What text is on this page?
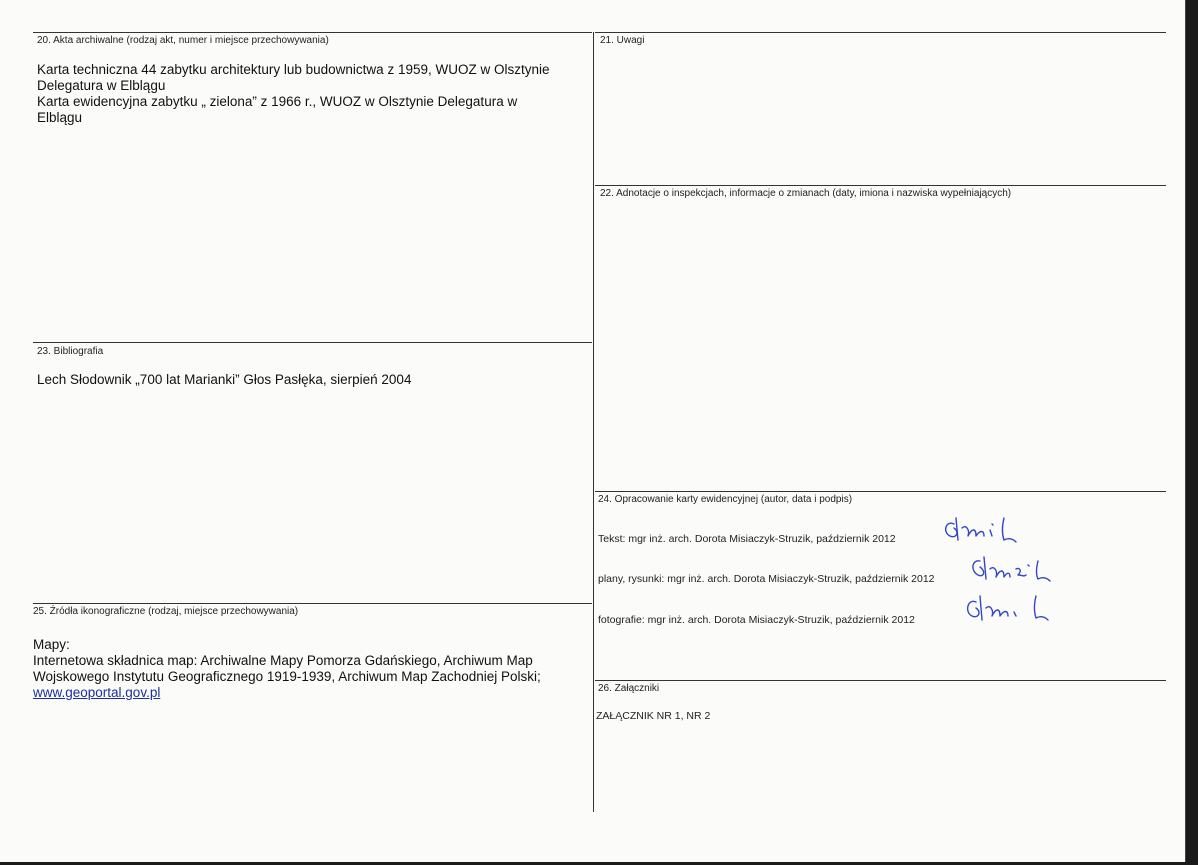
20. Akta archiwalne (rodzaj akt, numer i miejsce przechowywania)
Karta techniczna 44 zabytku architektury lub budownictwa z 1959, WUOZ w Olsztynie
Delegatura w Elblągu
Karta ewidencyjna zabytku „ zielona” z 1966 r., WUOZ w Olsztynie Delegatura w
Elblągu
21. Uwagi
22. Adnotacje o inspekcjach, informacje o zmianach (daty, imiona i nazwiska wypełniających)
23. Bibliografia
Lech Słodownik „700 lat Marianki” Głos Pasłęka, sierpień 2004
24. Opracowanie karty ewidencyjnej (autor, data i podpis)
Tekst: mgr inż. arch. Dorota Misiaczyk-Struzik, październik 2012
plany, rysunki: mgr inż. arch. Dorota Misiaczyk-Struzik, październik 2012
fotografie: mgr inż. arch. Dorota Misiaczyk-Struzik, październik 2012
25. Źródła ikonograficzne (rodzaj, miejsce przechowywania)
Mapy:
Internetowa składnica map: Archiwalne Mapy Pomorza Gdańskiego, Archiwum Map
Wojskowego Instytutu Geograficznego 1919-1939, Archiwum Map Zachodniej Polski;
www.geoportal.gov.pl	26. Załączniki
ZAŁĄCZNIK NR 1, NR 2
